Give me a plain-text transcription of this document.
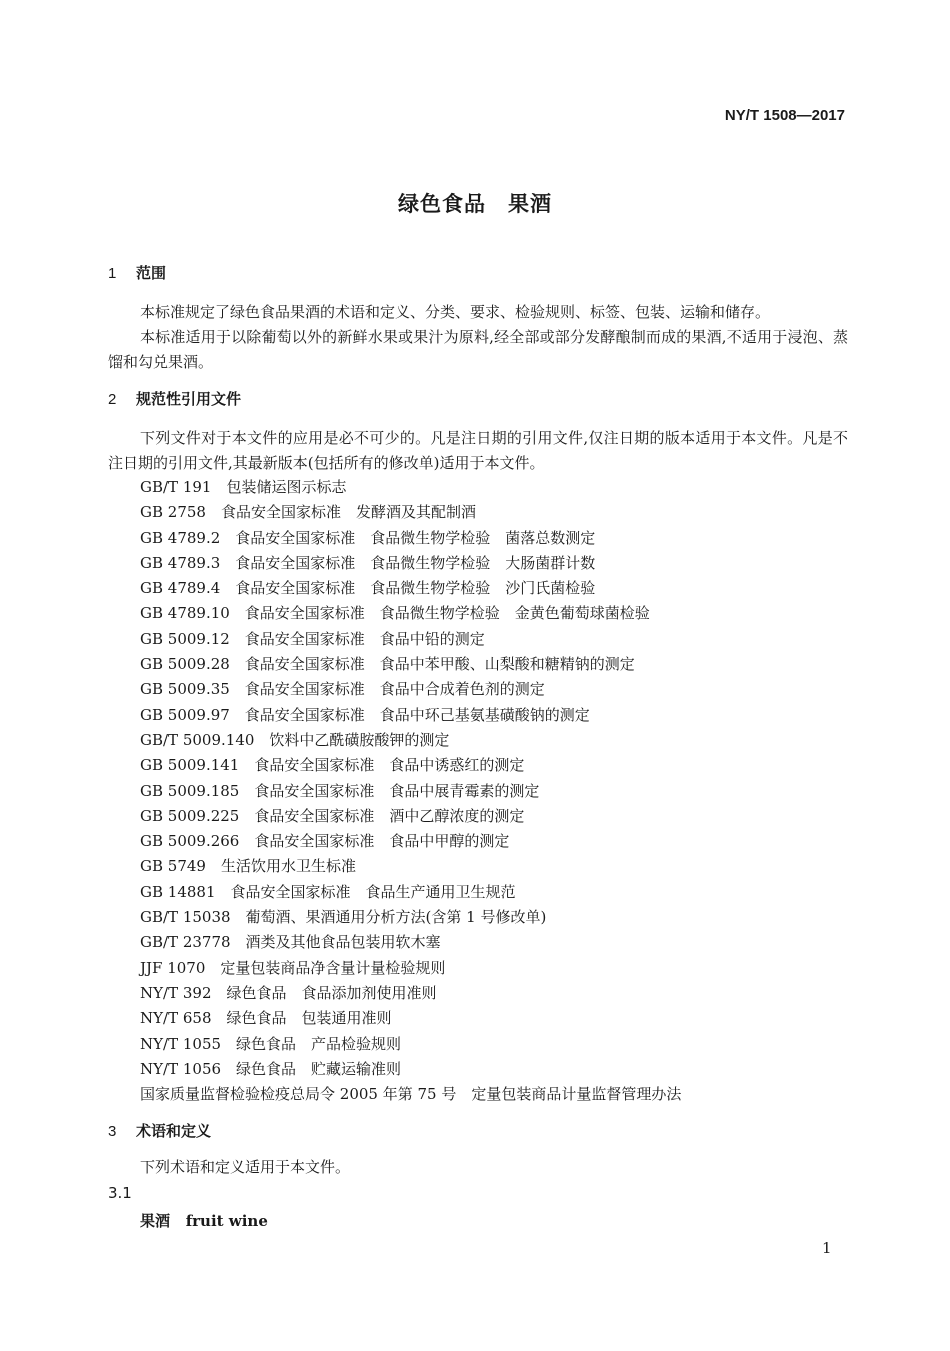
NY/T 1508—2017
绿色食品　果酒
1 范围
本标准规定了绿色食品果酒的术语和定义、分类、要求、检验规则、标签、包装、运输和储存。
本标准适用于以除葡萄以外的新鲜水果或果汁为原料,经全部或部分发酵酿制而成的果酒,不适用于浸泡、蒸馏和勾兑果酒。
2 规范性引用文件
下列文件对于本文件的应用是必不可少的。凡是注日期的引用文件,仅注日期的版本适用于本文件。凡是不注日期的引用文件,其最新版本(包括所有的修改单)适用于本文件。
GB/T 191　包装储运图示标志
GB 2758　食品安全国家标准　发酵酒及其配制酒
GB 4789.2　食品安全国家标准　食品微生物学检验　菌落总数测定
GB 4789.3　食品安全国家标准　食品微生物学检验　大肠菌群计数
GB 4789.4　食品安全国家标准　食品微生物学检验　沙门氏菌检验
GB 4789.10　食品安全国家标准　食品微生物学检验　金黄色葡萄球菌检验
GB 5009.12　食品安全国家标准　食品中铅的测定
GB 5009.28　食品安全国家标准　食品中苯甲酸、山梨酸和糖精钠的测定
GB 5009.35　食品安全国家标准　食品中合成着色剂的测定
GB 5009.97　食品安全国家标准　食品中环己基氨基磺酸钠的测定
GB/T 5009.140　饮料中乙酰磺胺酸钾的测定
GB 5009.141　食品安全国家标准　食品中诱惑红的测定
GB 5009.185　食品安全国家标准　食品中展青霉素的测定
GB 5009.225　食品安全国家标准　酒中乙醇浓度的测定
GB 5009.266　食品安全国家标准　食品中甲醇的测定
GB 5749　生活饮用水卫生标准
GB 14881　食品安全国家标准　食品生产通用卫生规范
GB/T 15038　葡萄酒、果酒通用分析方法(含第 1 号修改单)
GB/T 23778　酒类及其他食品包装用软木塞
JJF 1070　定量包装商品净含量计量检验规则
NY/T 392　绿色食品　食品添加剂使用准则
NY/T 658　绿色食品　包装通用准则
NY/T 1055　绿色食品　产品检验规则
NY/T 1056　绿色食品　贮藏运输准则
国家质量监督检验检疫总局令 2005 年第 75 号　定量包装商品计量监督管理办法
3 术语和定义
下列术语和定义适用于本文件。
3.1
果酒 fruit wine
1
